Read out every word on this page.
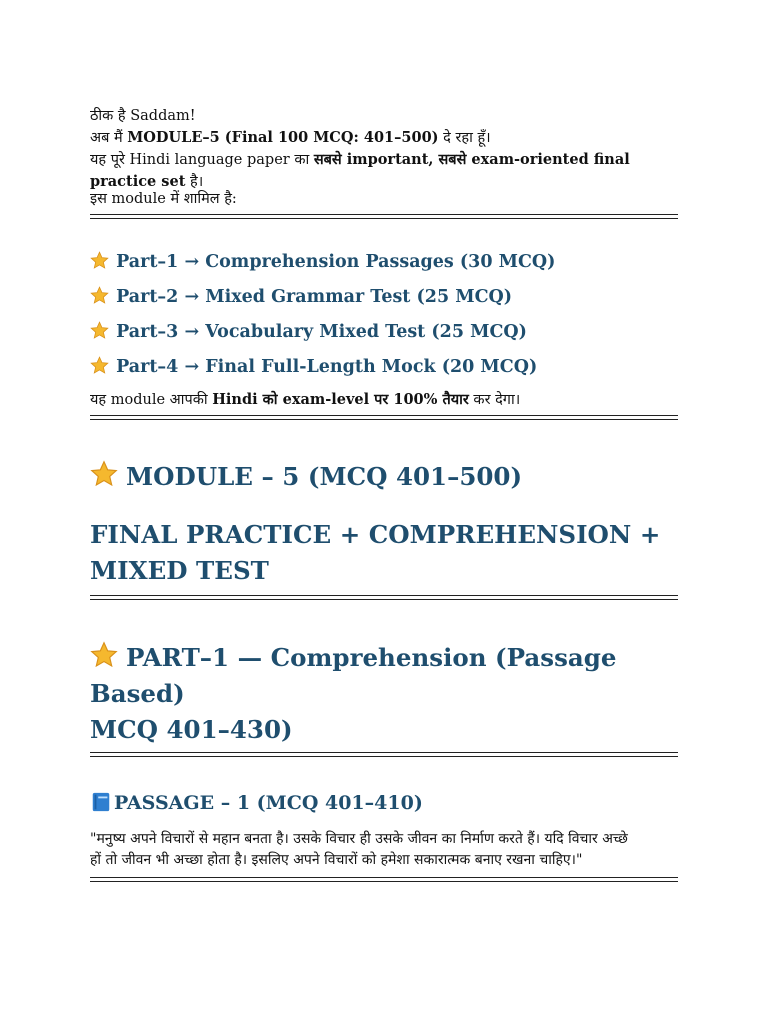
ठीक है Saddam!
अब मैं MODULE–5 (Final 100 MCQ: 401–500) दे रहा हूँ।
यह पूरे Hindi language paper का सबसे important, सबसे exam-oriented final
practice set है।
इस module में शामिल है:
Part–1 → Comprehension Passages (30 MCQ)
Part–2 → Mixed Grammar Test (25 MCQ)
Part–3 → Vocabulary Mixed Test (25 MCQ)
Part–4 → Final Full-Length Mock (20 MCQ)
यह module आपकी Hindi को exam-level पर 100% तैयार कर देगा।
MODULE – 5 (MCQ 401–500)
FINAL PRACTICE + COMPREHENSION +
MIXED TEST
PART–1 — Comprehension (Passage Based)
MCQ 401–430)
PASSAGE – 1 (MCQ 401–410)
"मनुष्य अपने विचारों से महान बनता है। उसके विचार ही उसके जीवन का निर्माण करते हैं। यदि विचार अच्छे
हों तो जीवन भी अच्छा होता है। इसलिए अपने विचारों को हमेशा सकारात्मक बनाए रखना चाहिए।"
